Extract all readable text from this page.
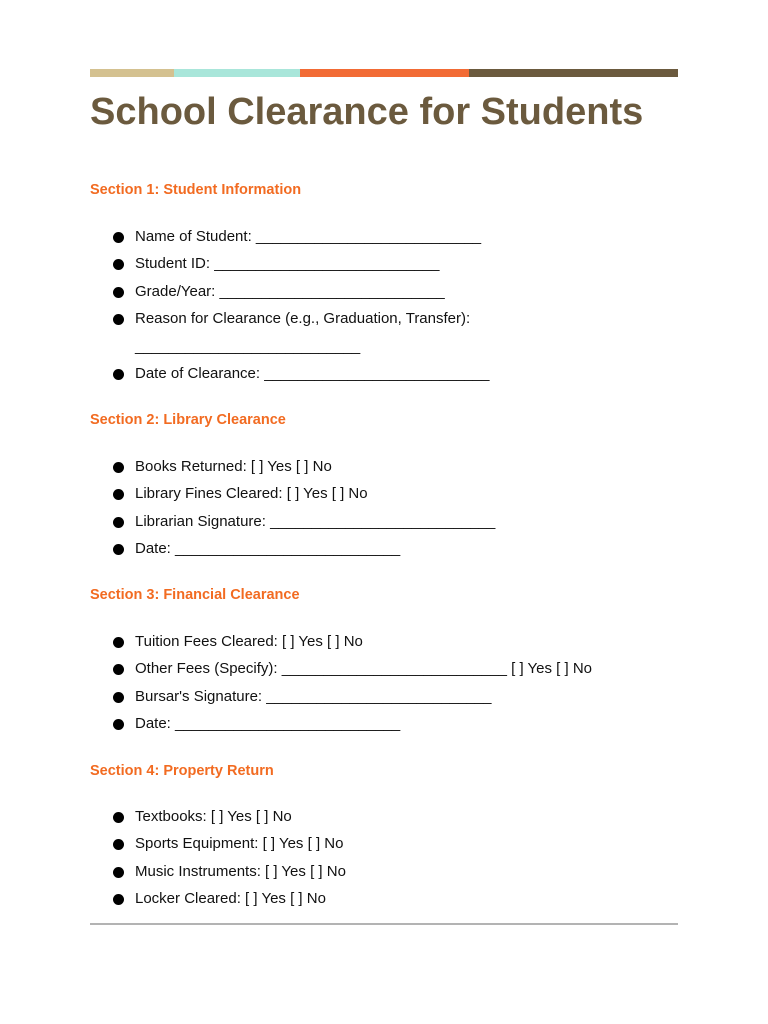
School Clearance for Students
Section 1: Student Information
Name of Student: ___________________________
Student ID: ___________________________
Grade/Year: ___________________________
Reason for Clearance (e.g., Graduation, Transfer):
___________________________
Date of Clearance: ___________________________
Section 2: Library Clearance
Books Returned: [ ] Yes [ ] No
Library Fines Cleared: [ ] Yes [ ] No
Librarian Signature: ___________________________
Date: ___________________________
Section 3: Financial Clearance
Tuition Fees Cleared: [ ] Yes [ ] No
Other Fees (Specify): ___________________________ [ ] Yes [ ] No
Bursar's Signature: ___________________________
Date: ___________________________
Section 4: Property Return
Textbooks: [ ] Yes [ ] No
Sports Equipment: [ ] Yes [ ] No
Music Instruments: [ ] Yes [ ] No
Locker Cleared: [ ] Yes [ ] No
